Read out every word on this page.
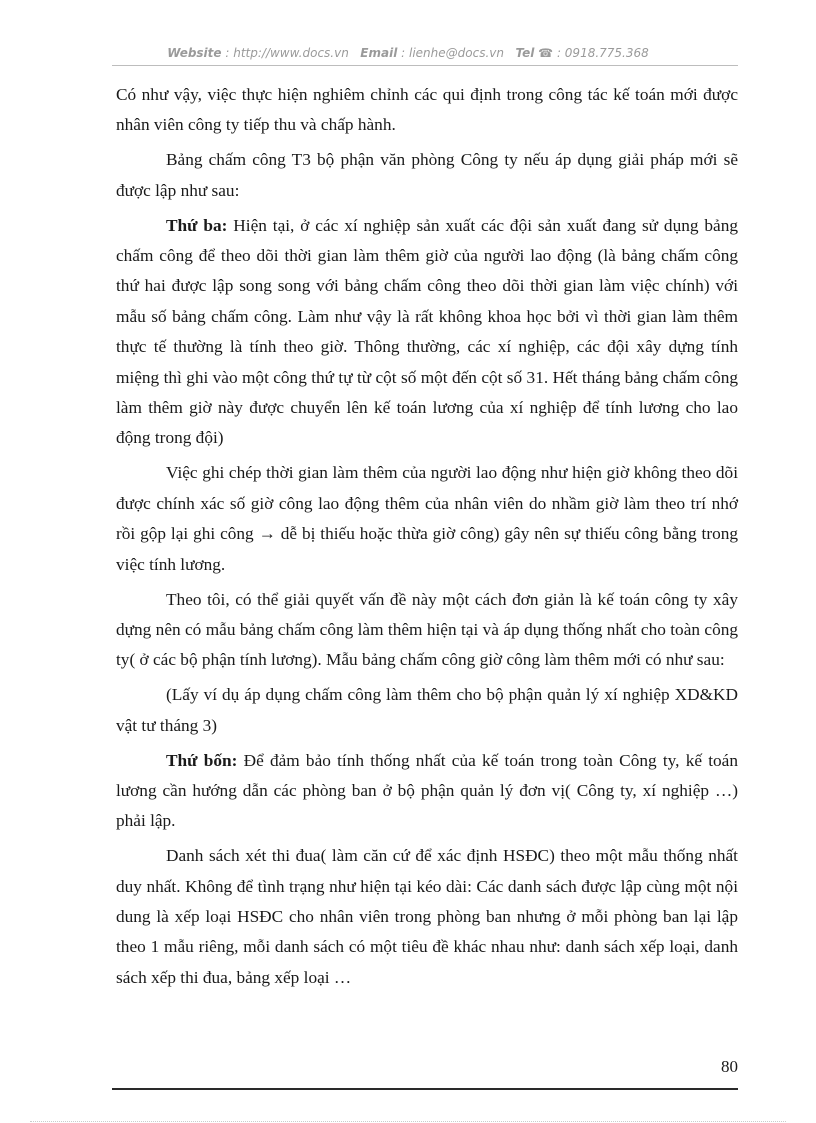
Website : http://www.docs.vn Email : lienhe@docs.vn Tel ☎ : 0918.775.368

Có như vậy, việc thực hiện nghiêm chỉnh các qui định trong công tác kế toán mới được nhân viên công ty tiếp thu và chấp hành.

Bảng chấm công T3 bộ phận văn phòng Công ty nếu áp dụng giải pháp mới sẽ được lập như sau:

Thứ ba: Hiện tại, ở các xí nghiệp sản xuất các đội sản xuất đang sử dụng bảng chấm công để theo dõi thời gian làm thêm giờ của người lao động (là bảng chấm công thứ hai được lập song song với bảng chấm công theo dõi thời gian làm việc chính) với mẫu số bảng chấm công. Làm như vậy là rất không khoa học bởi vì thời gian làm thêm thực tế thường là tính theo giờ. Thông thường, các xí nghiệp, các đội xây dựng tính miệng thì ghi vào một công thứ tự từ cột số một đến cột số 31. Hết tháng bảng chấm công làm thêm giờ này được chuyển lên kế toán lương của xí nghiệp để tính lương cho lao động trong đội)

Việc ghi chép thời gian làm thêm của người lao động như hiện giờ không theo dõi được chính xác số giờ công lao động thêm của nhân viên do nhầm giờ làm theo trí nhớ rồi gộp lại ghi công → dễ bị thiếu hoặc thừa giờ công) gây nên sự thiếu công bằng trong việc tính lương.

Theo tôi, có thể giải quyết vấn đề này một cách đơn giản là kế toán công ty xây dựng nên có mẫu bảng chấm công làm thêm hiện tại và áp dụng thống nhất cho toàn công ty( ở các bộ phận tính lương). Mẫu bảng chấm công giờ công làm thêm mới có như sau:

(Lấy ví dụ áp dụng chấm công làm thêm cho bộ phận quản lý xí nghiệp XD&KD vật tư tháng 3)

Thứ bốn: Để đảm bảo tính thống nhất của kế toán trong toàn Công ty, kế toán lương cần hướng dẫn các phòng ban ở bộ phận quản lý đơn vị( Công ty, xí nghiệp …) phải lập.

Danh sách xét thi đua( làm căn cứ để xác định HSĐC) theo một mẫu thống nhất duy nhất. Không để tình trạng như hiện tại kéo dài: Các danh sách được lập cùng một nội dung là xếp loại HSĐC cho nhân viên trong phòng ban nhưng ở mỗi phòng ban lại lập theo 1 mẫu riêng, mỗi danh sách có một tiêu đề khác nhau như: danh sách xếp loại, danh sách xếp thi đua, bảng xếp loại …

80
